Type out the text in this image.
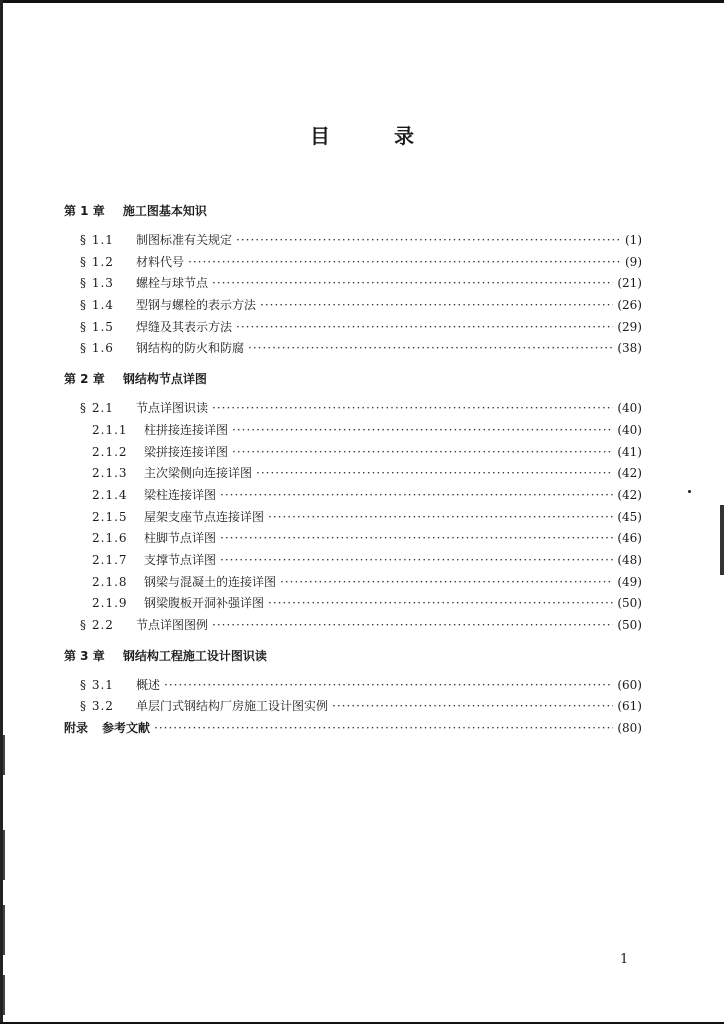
目　录
第 1 章 施工图基本知识
§ 1.1	制图标准有关规定 ·····	(1)
§ 1.2	材料代号 ·····	(9)
§ 1.3	螺栓与球节点 ·····	(21)
§ 1.4	型钢与螺栓的表示方法 ·····	(26)
§ 1.5	焊缝及其表示方法 ·····	(29)
§ 1.6	钢结构的防火和防腐 ·····	(38)
第 2 章 钢结构节点详图
§ 2.1	节点详图识读 ·····	(40)
2.1.1	柱拼接连接详图 ·····	(40)
2.1.2	梁拼接连接详图 ·····	(41)
2.1.3	主次梁侧向连接详图 ·····	(42)
2.1.4	梁柱连接详图 ·····	(42)
2.1.5	屋架支座节点连接详图 ·····	(45)
2.1.6	柱脚节点详图 ·····	(46)
2.1.7	支撑节点详图 ·····	(48)
2.1.8	钢梁与混凝土的连接详图 ·····	(49)
2.1.9	钢梁腹板开洞补强详图 ·····	(50)
§ 2.2	节点详图图例 ·····	(50)
第 3 章 钢结构工程施工设计图识读
§ 3.1	概述 ·····	(60)
§ 3.2	单层门式钢结构厂房施工设计图实例 ·····	(61)
附录 参考文献 ·····	(80)
1
